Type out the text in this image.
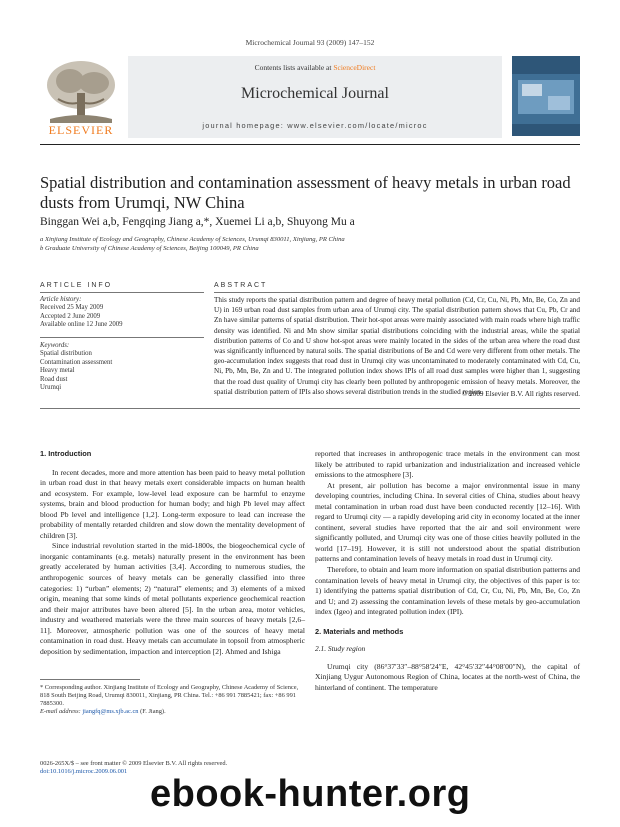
Microchemical Journal 93 (2009) 147–152
ELSEVIER
Contents lists available at ScienceDirect
Microchemical Journal
journal homepage: www.elsevier.com/locate/microc
Spatial distribution and contamination assessment of heavy metals in urban road dusts from Urumqi, NW China
Binggan Wei a,b, Fengqing Jiang a,*, Xuemei Li a,b, Shuyong Mu a
a Xinjiang Institute of Ecology and Geography, Chinese Academy of Sciences, Urumqi 830011, Xinjiang, PR China
b Graduate University of Chinese Academy of Sciences, Beijing 100049, PR China
ARTICLE INFO	ABSTRACT
Article history:
Received 25 May 2009
Accepted 2 June 2009
Available online 12 June 2009
Keywords:
Spatial distribution
Contamination assessment
Heavy metal
Road dust
Urumqi
This study reports the spatial distribution pattern and degree of heavy metal pollution (Cd, Cr, Cu, Ni, Pb, Mn, Be, Co, Zn and U) in 169 urban road dust samples from urban area of Urumqi city. The spatial distribution pattern shows that Cu, Pb, Cr and Zn have similar patterns of spatial distribution. Their hot-spot areas were mainly associated with main roads where high traffic density was identified. Ni and Mn show similar spatial distributions coinciding with the industrial areas, while the spatial distribution patterns of Co and U show hot-spot areas were mainly located in the sides of the urban area where the road dust was significantly influenced by natural soils. The spatial distributions of Be and Cd were very different from other metals. The geo-accumulation index suggests that road dust in Urumqi city was uncontaminated to moderately contaminated with Cd, Cu, Ni, Pb, Mn, Be, Zn and U. The integrated pollution index shows IPIs of all road dust samples were higher than 1, suggesting that the road dust quality of Urumqi city has clearly been polluted by anthropogenic emission of heavy metals. Moreover, the spatial distribution pattern of IPIs also shows several distribution trends in the studied region.
© 2009 Elsevier B.V. All rights reserved.
1. Introduction

In recent decades, more and more attention has been paid to heavy metal pollution in urban road dust in that heavy metals exert considerable impacts on human health and ecosystem. For example, low-level lead exposure can be harmful to enzyme systems, brain and blood production for human body; and high Pb level may affect blood Pb level and intelligence [1,2]. Long-term exposure to lead can increase the probability of mentally retarded children and slow down the mentality development of children [3].

Since industrial revolution started in the mid-1800s, the biogeochemical cycle of inorganic contaminants (e.g. metals) naturally present in the environment has been greatly accelerated by human activities [3,4]. According to numerous studies, the anthropogenic sources of heavy metals can be generally classified into three categories: 1) “urban” elements; 2) “natural” elements; and 3) elements of a mixed origin, meaning that some kinds of metal pollutants experience geochemical reaction and their major attributes have been altered [5]. In the urban area, motor vehicles, industry and weathered materials were the three main sources of heavy metals [2,6–11]. Moreover, atmospheric pollution was one of the sources of heavy metal contamination in road dust. Heavy metals can accumulate in topsoil from atmospheric deposition by sedimentation, impaction and interception [2]. Ahmed and Ishiga

* Corresponding author. Xinjiang Institute of Ecology and Geography, Chinese Academy of Science, 818 South Beijing Road, Urumqi 830011, Xinjiang, PR China. Tel.: +86 991 7885421; fax: +86 991 7885300.
E-mail address: jiangfq@ms.xjb.ac.cn (F. Jiang).
0026-265X/$ – see front matter © 2009 Elsevier B.V. All rights reserved.
doi:10.1016/j.microc.2009.06.001

reported that increases in anthropogenic trace metals in the environment can most likely be attributed to rapid urbanization and industrialization and increased vehicle emissions to the atmosphere [3].

At present, air pollution has become a major environmental issue in many developing countries, including China. In several cities of China, studies about heavy metal contamination in urban road dust have been conducted recently [12–16]. With regard to Urumqi city — a rapidly developing arid city in economy located at the inner continent, several studies have reported that the air and soil environment were significantly polluted, and Urumqi city was one of those cities heavily polluted in the world [17–19]. However, it is still not understood about the spatial distribution patterns and contamination levels of heavy metals in road dust in Urumqi city.

Therefore, to obtain and learn more information on spatial distribution patterns and contamination levels of heavy metal in Urumqi city, the objectives of this paper is to: 1) identifying the patterns spatial distribution of Cd, Cr, Cu, Ni, Pb, Mn, Be, Co, Zn and U; and 2) assessing the contamination levels of these metals by geo-accumulation index (Igeo) and integrated pollution index (IPI).

2. Materials and methods
2.1. Study region

Urumqi city (86°37′33″–88°58′24″E, 42°45′32″44°08′00″N), the capital of Xinjiang Uygur Autonomous Region of China, locates at the north-west of China, the hinterland of continent. The temperature

ebook-hunter.org
